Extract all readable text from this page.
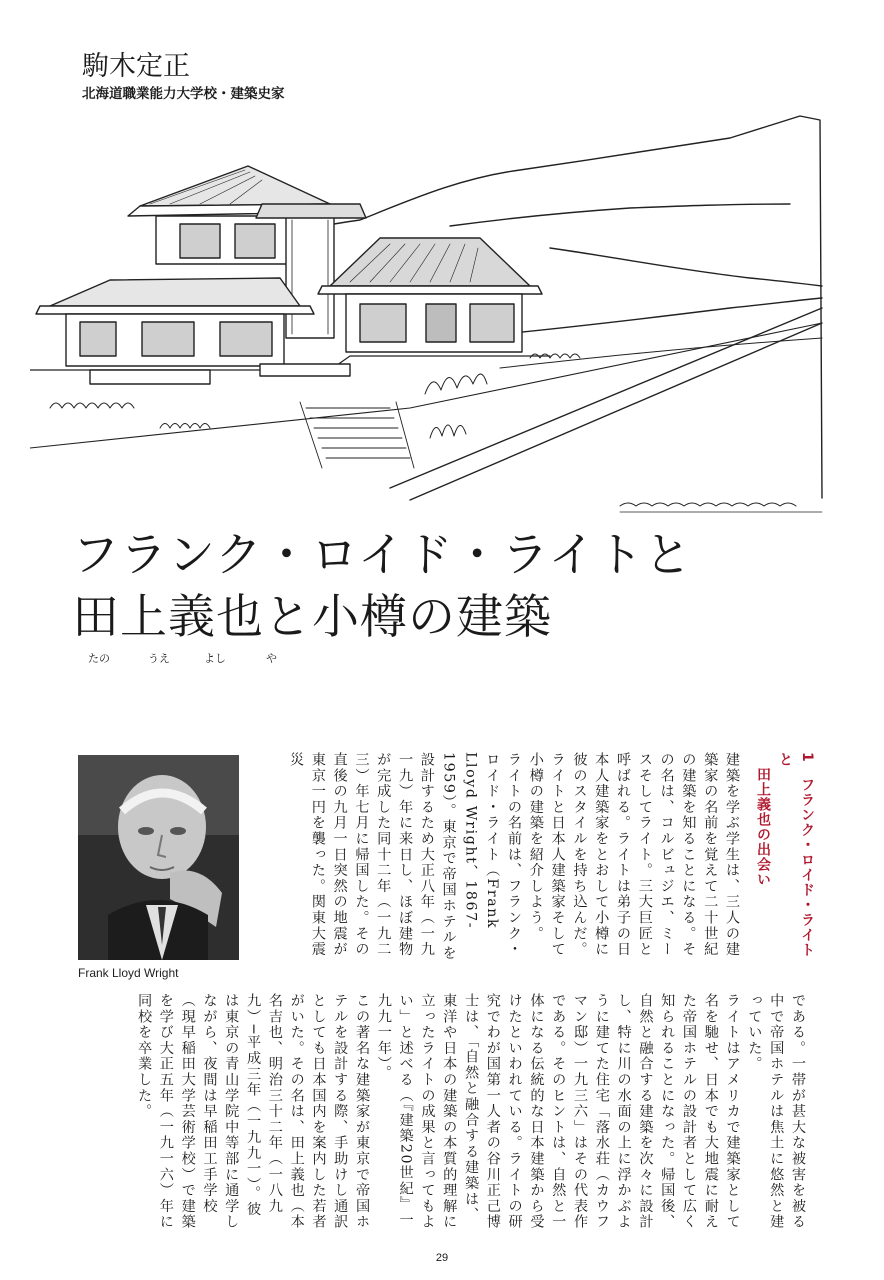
駒木定正
北海道職業能力大学校・建築史家
フランク・ロイド・ライトと
田上義也と小樽の建築
たの	うえ	よし	や
Frank Lloyd Wright

1　フランク・ロイド・ライトと

　田上義也の出会い

建築を学ぶ学生は、三人の建築家の名前を覚えて二十世紀の建築を知ることになる。その名は、コルビュジエ、ミースそしてライト。三大巨匠と呼ばれる。ライトは弟子の日本人建築家をとおして小樽に彼のスタイルを持ち込んだ。ライトと日本人建築家そして小樽の建築を紹介しよう。

ライトの名前は、フランク・ロイド・ライト（Frank Lloyd Wright、1867-1959）。東京で帝国ホテルを設計するため大正八年（一九一九）年に来日し、ほぼ建物が完成した同十二年（一九二三）年七月に帰国した。その直後の九月一日突然の地震が東京一円を襲った。関東大震災

である。一帯が甚大な被害を被る中で帝国ホテルは焦土に悠然と建っていた。

ライトはアメリカで建築家として名を馳せ、日本でも大地震に耐えた帝国ホテルの設計者として広く知られることになった。帰国後、自然と融合する建築を次々に設計し、特に川の水面の上に浮かぶように建てた住宅「落水荘（カウフマン邸）一九三六」はその代表作である。そのヒントは、自然と一体になる伝統的な日本建築から受けたといわれている。ライトの研究でわが国第一人者の谷川正己博士は、「自然と融合する建築は、東洋や日本の建築の本質的理解に立ったライトの成果と言ってもよい」と述べる（『建築20世紀』一九九一年）。

この著名な建築家が東京で帝国ホテルを設計する際、手助けし通訳としても日本国内を案内した若者がいた。その名は、田上義也（本名吉也、明治三十二年（一八九九）─平成三年（一九九一）。彼は東京の青山学院中等部に通学しながら、夜間は早稲田工手学校（現早稲田大学芸術学校）で建築を学び大正五年（一九一六）年に同校を卒業した。

29
